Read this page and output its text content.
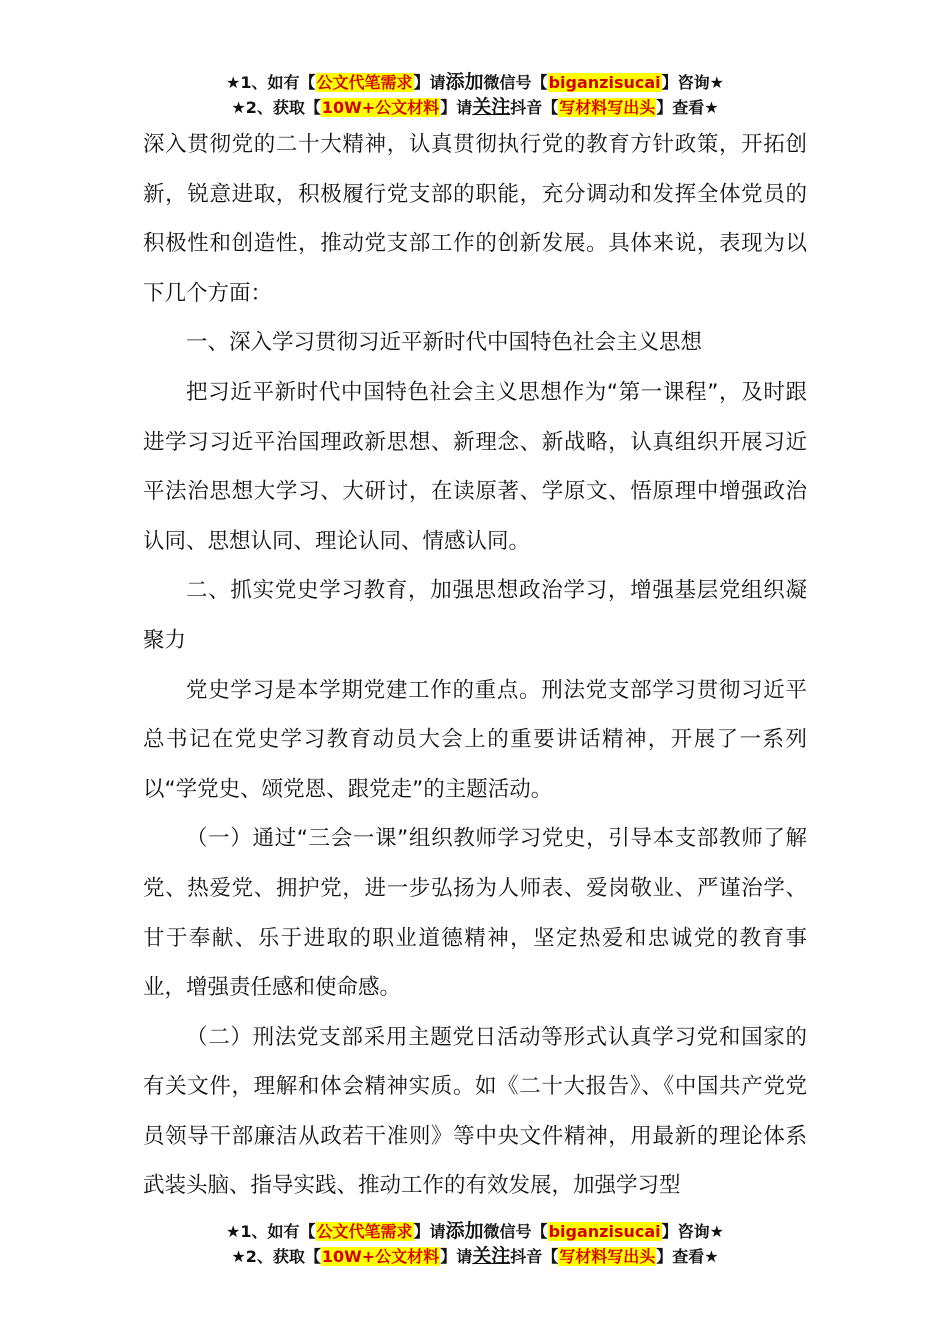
★1、如有【公文代笔需求】请添加微信号【biganzisucai】咨询★
★2、获取【10W+公文材料】请关注抖音【写材料写出头】查看★

深入贯彻党的二十大精神，认真贯彻执行党的教育方针政策，开拓创新，锐意进取，积极履行党支部的职能，充分调动和发挥全体党员的积极性和创造性，推动党支部工作的创新发展。具体来说，表现为以下几个方面：

一、深入学习贯彻习近平新时代中国特色社会主义思想

把习近平新时代中国特色社会主义思想作为“第一课程”，及时跟进学习习近平治国理政新思想、新理念、新战略，认真组织开展习近平法治思想大学习、大研讨，在读原著、学原文、悟原理中增强政治认同、思想认同、理论认同、情感认同。

二、抓实党史学习教育，加强思想政治学习，增强基层党组织凝聚力

党史学习是本学期党建工作的重点。刑法党支部学习贯彻习近平总书记在党史学习教育动员大会上的重要讲话精神，开展了一系列以“学党史、颂党恩、跟党走”的主题活动。

（一）通过“三会一课”组织教师学习党史，引导本支部教师了解党、热爱党、拥护党，进一步弘扬为人师表、爱岗敬业、严谨治学、甘于奉献、乐于进取的职业道德精神，坚定热爱和忠诚党的教育事业，增强责任感和使命感。

（二）刑法党支部采用主题党日活动等形式认真学习党和国家的有关文件，理解和体会精神实质。如《二十大报告》、《中国共产党党员领导干部廉洁从政若干准则》等中央文件精神，用最新的理论体系武装头脑、指导实践、推动工作的有效发展，加强学习型

★1、如有【公文代笔需求】请添加微信号【biganzisucai】咨询★
★2、获取【10W+公文材料】请关注抖音【写材料写出头】查看★
